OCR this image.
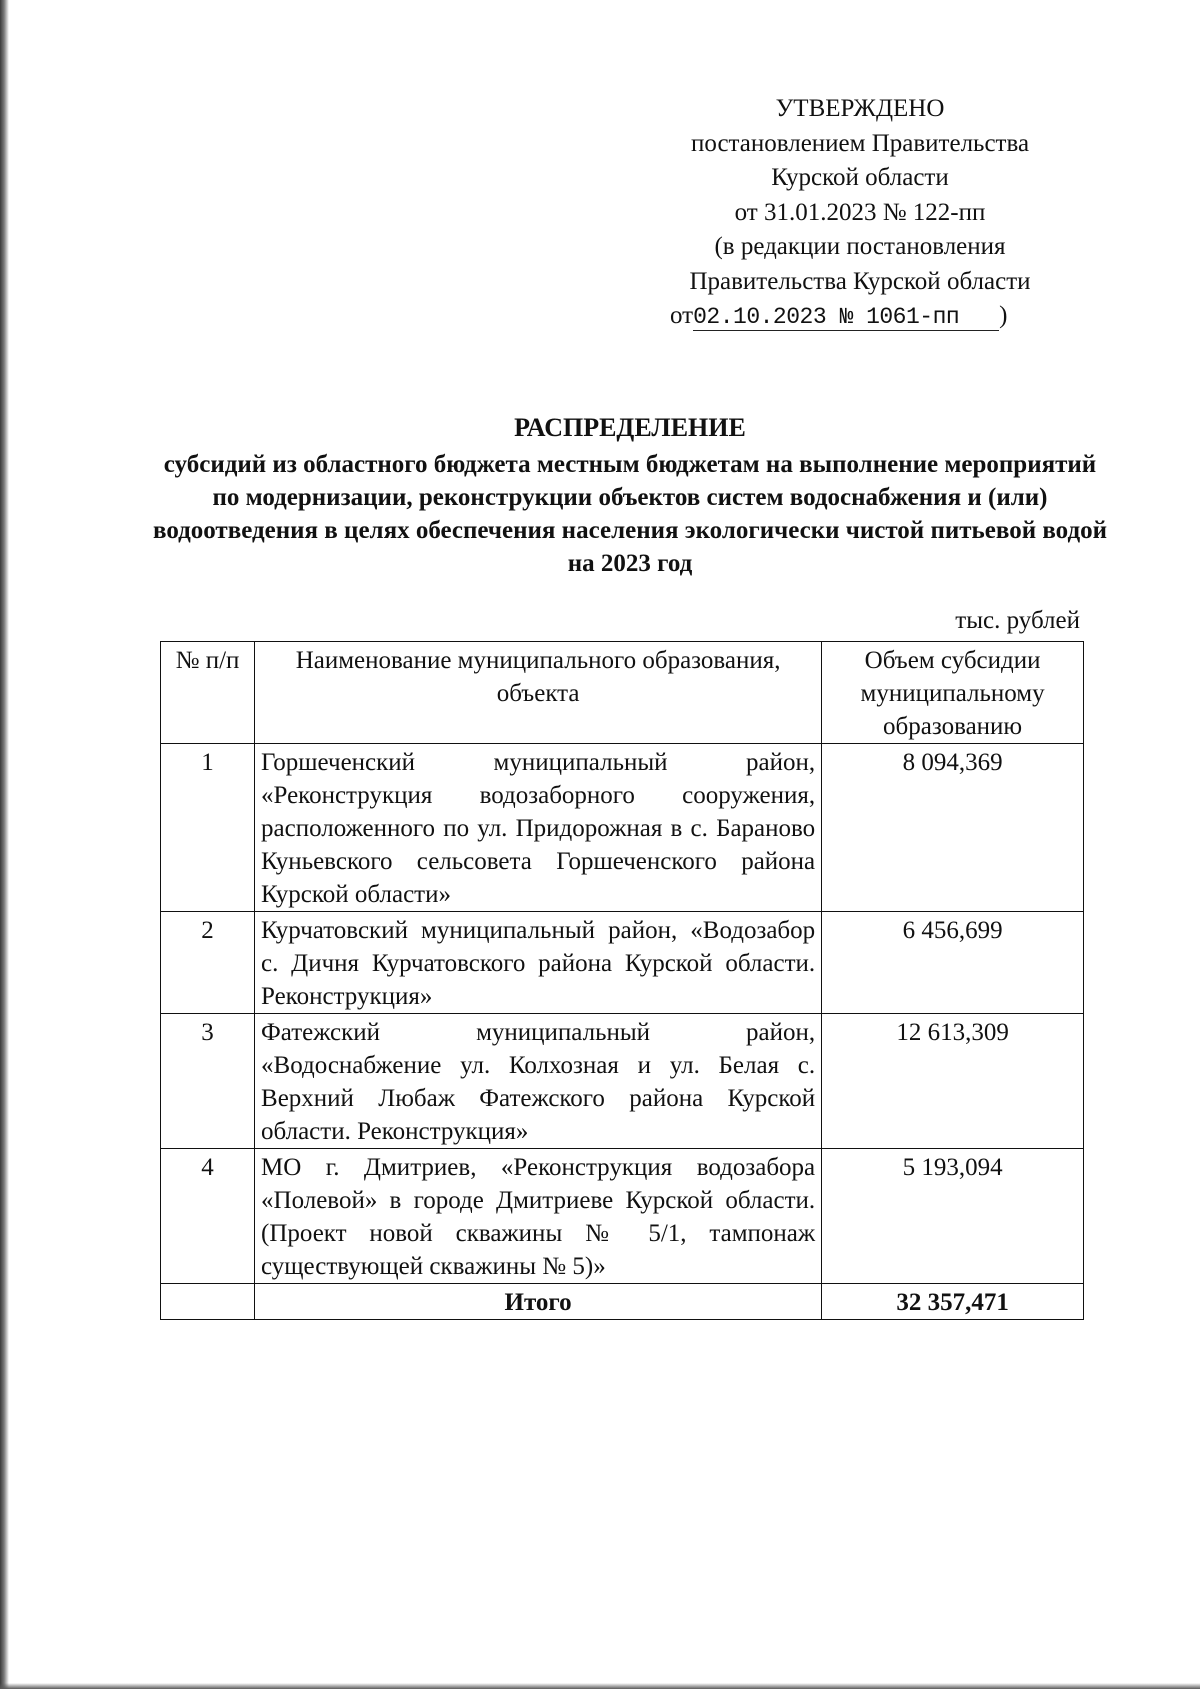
УТВЕРЖДЕНО
постановлением Правительства
Курской области
от 31.01.2023 № 122-пп
(в редакции постановления
Правительства Курской области
от02.10.2023 № 1061-пп )
РАСПРЕДЕЛЕНИЕ
субсидий из областного бюджета местным бюджетам на выполнение мероприятий по модернизации, реконструкции объектов систем водоснабжения и (или) водоотведения в целях обеспечения населения экологически чистой питьевой водой на 2023 год
тыс. рублей
№ п/п	Наименование муниципального образования, объекта	Объем субсидии муниципальному образованию
1	Горшеченский муниципальный район, «Реконструкция водозаборного сооружения, расположенного по ул. Придорожная в с. Бараново Куньевского сельсовета Горшеченского района Курской области»	8 094,369
2	Курчатовский муниципальный район, «Водозабор с. Дичня Курчатовского района Курской области. Реконструкция»	6 456,699
3	Фатежский муниципальный район, «Водоснабжение ул. Колхозная и ул. Белая с. Верхний Любаж Фатежского района Курской области. Реконструкция»	12 613,309
4	МО г. Дмитриев, «Реконструкция водозабора «Полевой» в городе Дмитриеве Курской области. (Проект новой скважины № 5/1, тампонаж существующей скважины № 5)»	5 193,094
	Итого	32 357,471
